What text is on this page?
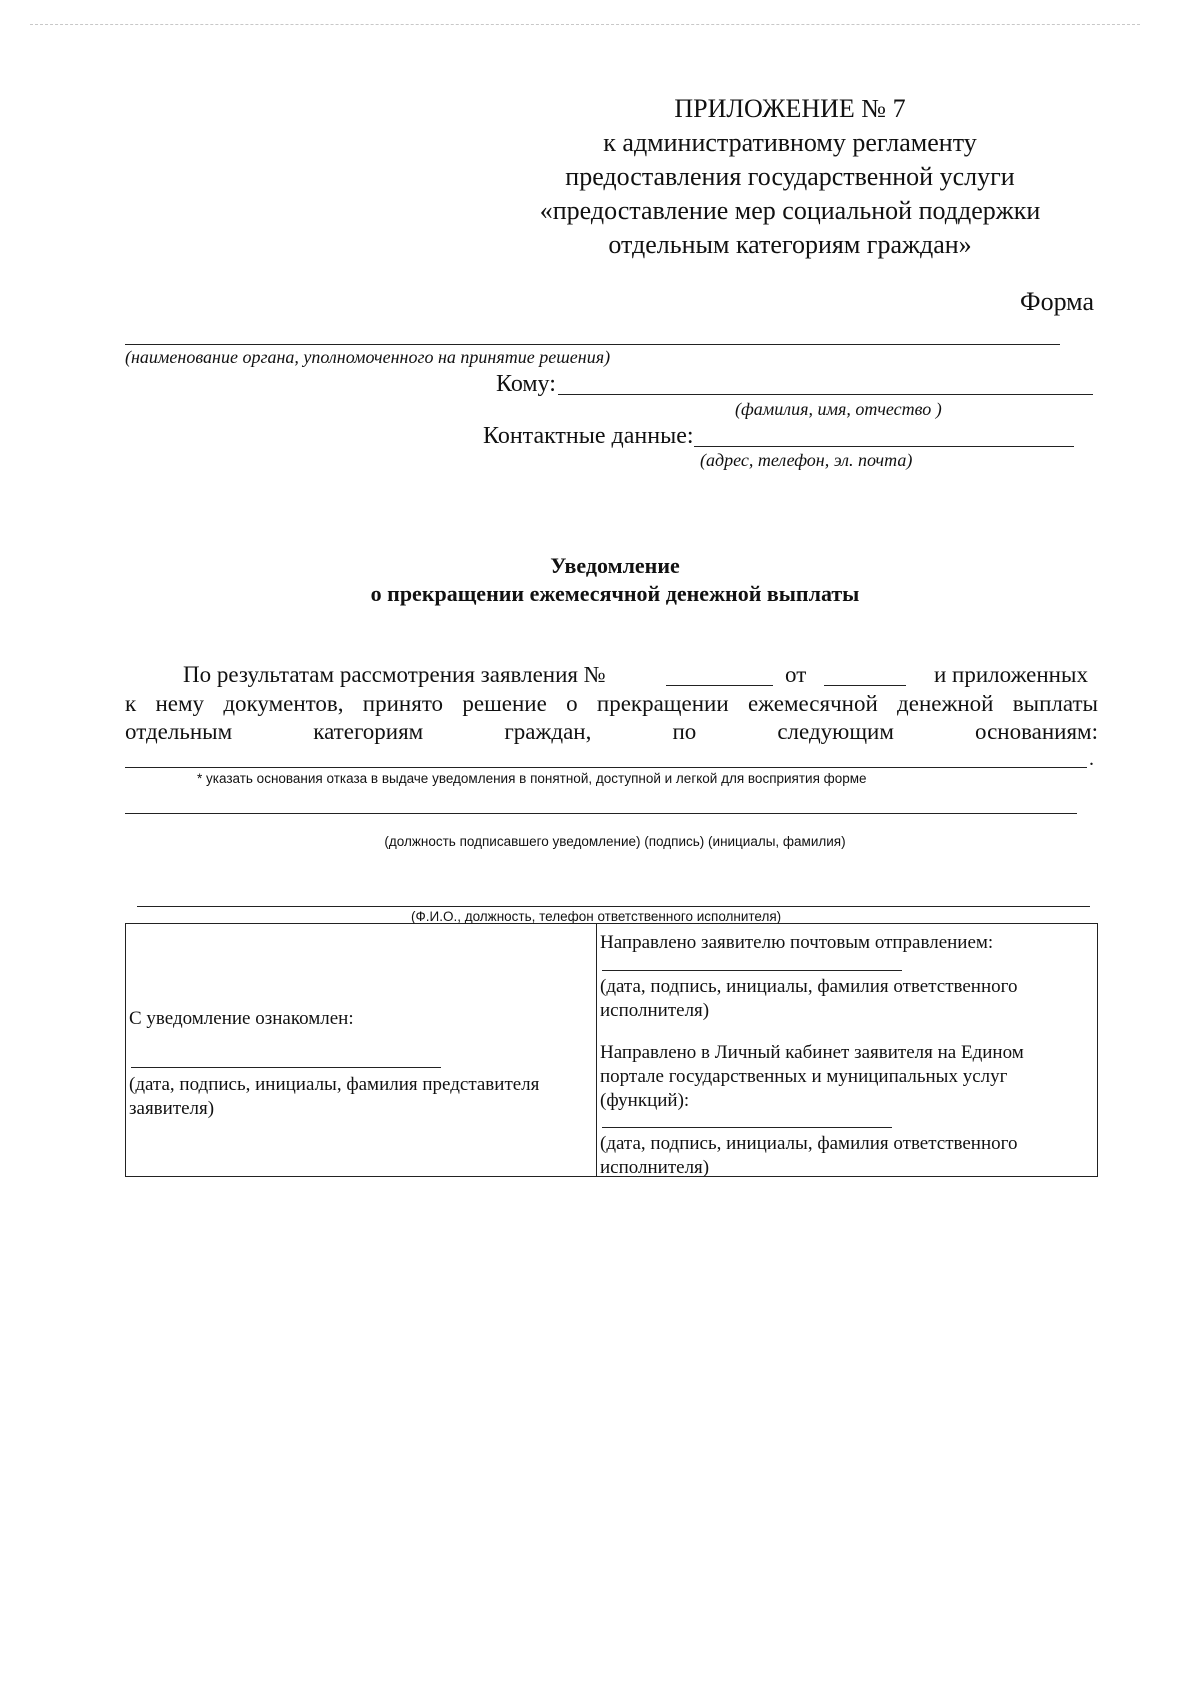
ПРИЛОЖЕНИЕ № 7
к административному регламенту
предоставления государственной услуги
«предоставление мер социальной поддержки
отдельным категориям граждан»
Форма
(наименование органа, уполномоченного на принятие решения)
Кому:
(фамилия, имя, отчество )
Контактные данные:
(адрес, телефон, эл. почта)
Уведомление
о прекращении ежемесячной денежной выплаты
По результатам рассмотрения заявления №	от	и приложенных
к нему документов, принято решение о прекращении ежемесячной денежной выплаты
отдельным категориям граждан, по следующим основаниям:
.
* указать основания отказа в выдаче уведомления в понятной, доступной и легкой для восприятия форме
(должность подписавшего уведомление) (подпись) (инициалы, фамилия)
(Ф.И.О., должность, телефон ответственного исполнителя)
С уведомление ознакомлен:
(дата, подпись, инициалы, фамилия представителя заявителя)
Направлено заявителю почтовым отправлением:
(дата, подпись, инициалы, фамилия ответственного исполнителя)
Направлено в Личный кабинет заявителя на Едином портале государственных и муниципальных услуг (функций):
(дата, подпись, инициалы, фамилия ответственного исполнителя)
